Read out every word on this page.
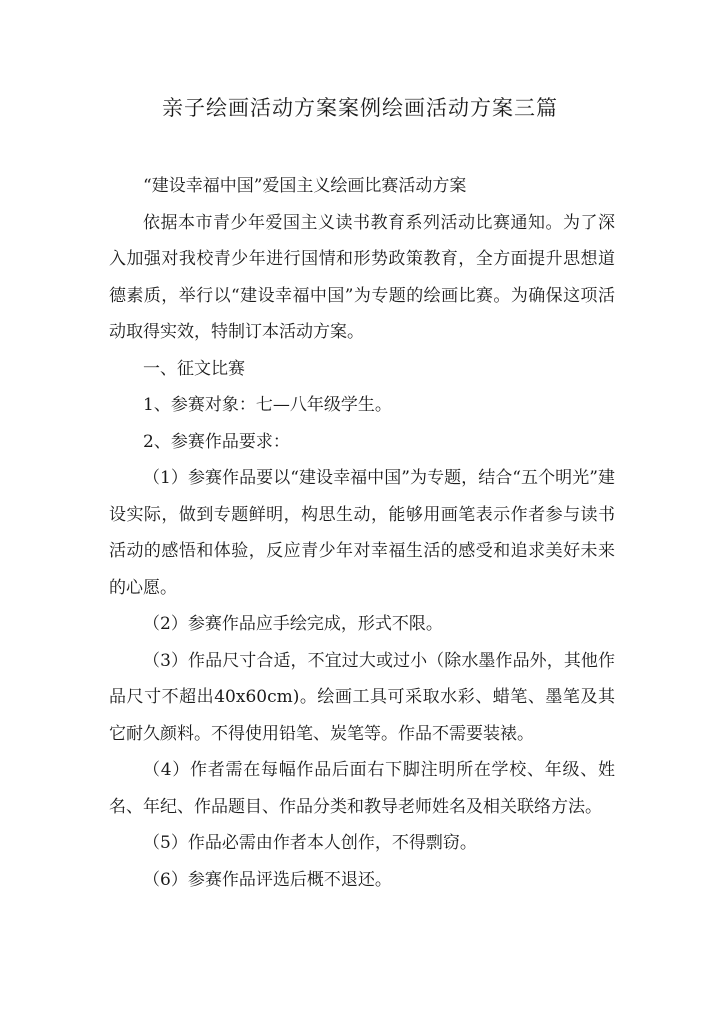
亲子绘画活动方案案例绘画活动方案三篇

“建设幸福中国”爱国主义绘画比赛活动方案

依据本市青少年爱国主义读书教育系列活动比赛通知。为了深入加强对我校青少年进行国情和形势政策教育，全方面提升思想道德素质，举行以“建设幸福中国”为专题的绘画比赛。为确保这项活动取得实效，特制订本活动方案。

一、征文比赛

1、参赛对象：七—八年级学生。

2、参赛作品要求：

（1）参赛作品要以“建设幸福中国”为专题，结合“五个明光”建设实际，做到专题鲜明，构思生动，能够用画笔表示作者参与读书活动的感悟和体验，反应青少年对幸福生活的感受和追求美好未来的心愿。

（2）参赛作品应手绘完成，形式不限。

（3）作品尺寸合适，不宜过大或过小（除水墨作品外，其他作品尺寸不超出40x60cm)。绘画工具可采取水彩、蜡笔、墨笔及其它耐久颜料。不得使用铅笔、炭笔等。作品不需要装裱。

（4）作者需在每幅作品后面右下脚注明所在学校、年级、姓名、年纪、作品题目、作品分类和教导老师姓名及相关联络方法。

（5）作品必需由作者本人创作，不得剽窃。

（6）参赛作品评选后概不退还。
